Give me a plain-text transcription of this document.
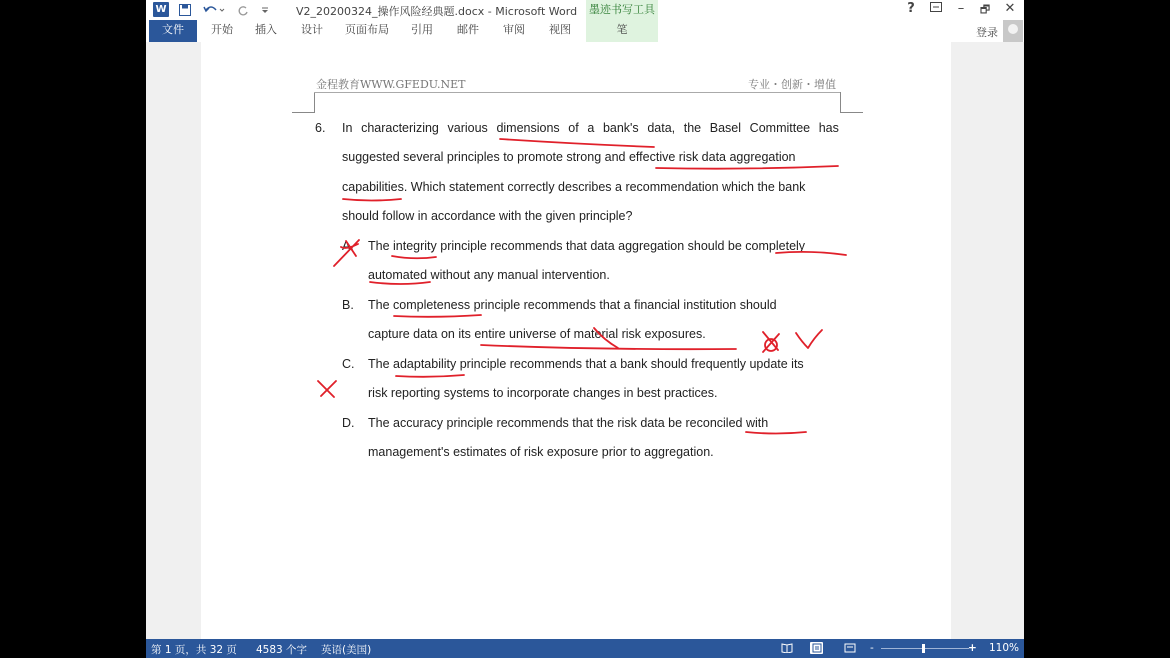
W	V2_20200324_操作风险经典题.docx - Microsoft Word 墨迹书写工具	?	–	🗗 ✕
文件	开始	插入	设计	页面布局	引用	邮件	审阅	视图	笔	登录
金程教育WWW.GFEDU.NET	专业・创新・增值
6. In characterizing various dimensions of a bank's data, the Basel Committee has
suggested several principles to promote strong and effective risk data aggregation
capabilities. Which statement correctly describes a recommendation which the bank
should follow in accordance with the given principle?
A. The integrity principle recommends that data aggregation should be completely
automated without any manual intervention.
B. The completeness principle recommends that a financial institution should
capture data on its entire universe of material risk exposures.
C. The adaptability principle recommends that a bank should frequently update its
risk reporting systems to incorporate changes in best practices.
D. The accuracy principle recommends that the risk data be reconciled with
management's estimates of risk exposure prior to aggregation.
第 1 页，共 32 页 4583 个字 英语(美国)	-	+ 110%
